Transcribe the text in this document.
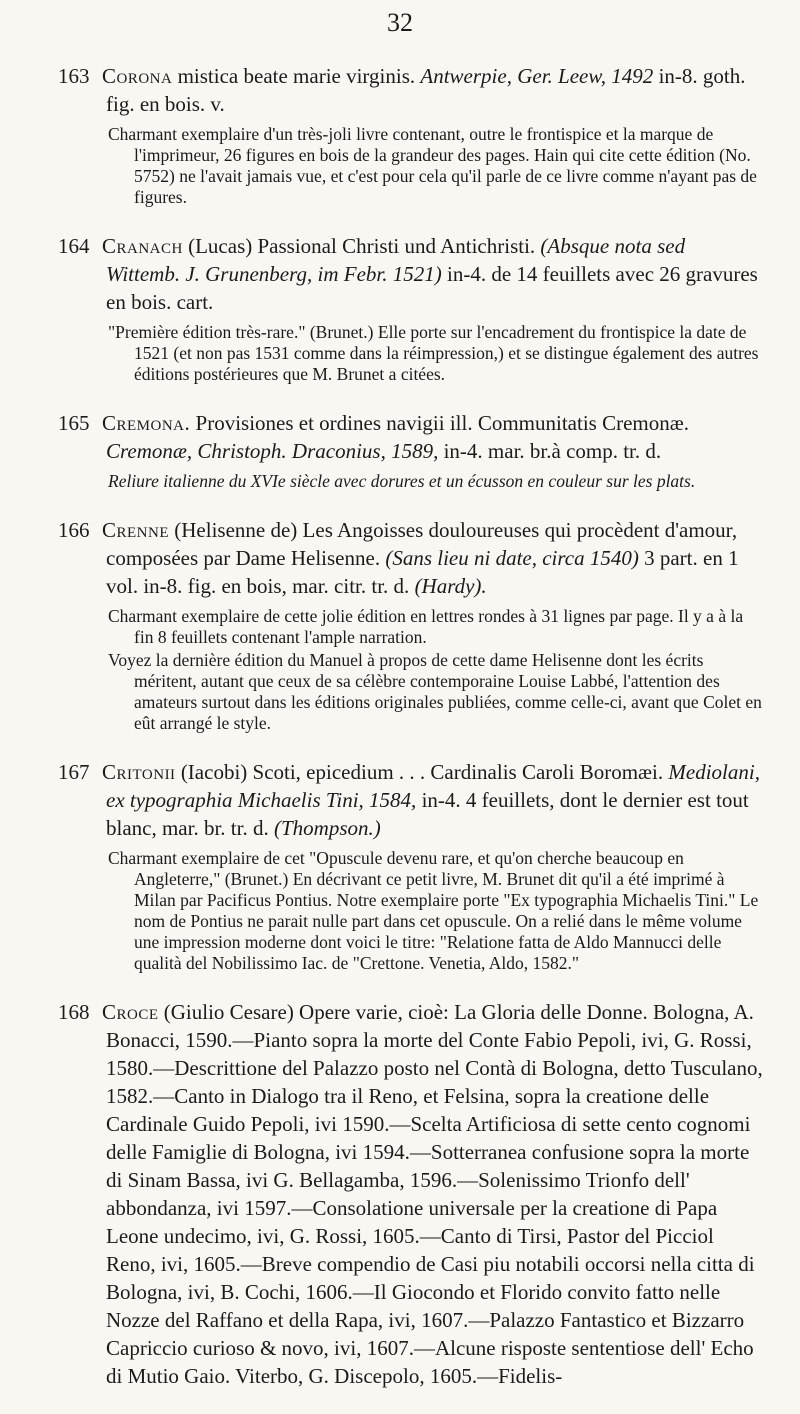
32
163 Corona mistica beate marie virginis. Antwerpie, Ger. Leew, 1492 in-8. goth. fig. en bois. v.

Charmant exemplaire d'un très-joli livre contenant, outre le frontispice et la marque de l'imprimeur, 26 figures en bois de la grandeur des pages. Hain qui cite cette édition (No. 5752) ne l'avait jamais vue, et c'est pour cela qu'il parle de ce livre comme n'ayant pas de figures.

164 Cranach (Lucas) Passional Christi und Antichristi. (Absque nota sed Wittemb. J. Grunenberg, im Febr. 1521) in-4. de 14 feuillets avec 26 gravures en bois. cart.

"Première édition très-rare." (Brunet.) Elle porte sur l'encadrement du frontispice la date de 1521 (et non pas 1531 comme dans la réimpression,) et se distingue également des autres éditions postérieures que M. Brunet a citées.

165 Cremona. Provisiones et ordines navigii ill. Communitatis Cremonæ. Cremonæ, Christoph. Draconius, 1589, in-4. mar. br.à comp. tr. d.

Reliure italienne du XVIe siècle avec dorures et un écusson en couleur sur les plats.

166 Crenne (Helisenne de) Les Angoisses douloureuses qui procèdent d'amour, composées par Dame Helisenne. (Sans lieu ni date, circa 1540) 3 part. en 1 vol. in-8. fig. en bois, mar. citr. tr. d. (Hardy).

Charmant exemplaire de cette jolie édition en lettres rondes à 31 lignes par page. Il y a à la fin 8 feuillets contenant l'ample narration.

Voyez la dernière édition du Manuel à propos de cette dame Helisenne dont les écrits méritent, autant que ceux de sa célèbre contemporaine Louise Labbé, l'attention des amateurs surtout dans les éditions originales publiées, comme celle-ci, avant que Colet en eût arrangé le style.

167 Critonii (Iacobi) Scoti, epicedium . . . Cardinalis Caroli Boromæi. Mediolani, ex typographia Michaelis Tini, 1584, in-4. 4 feuillets, dont le dernier est tout blanc, mar. br. tr. d. (Thompson.)

Charmant exemplaire de cet "Opuscule devenu rare, et qu'on cherche beaucoup en Angleterre," (Brunet.) En décrivant ce petit livre, M. Brunet dit qu'il a été imprimé à Milan par Pacificus Pontius. Notre exemplaire porte "Ex typographia Michaelis Tini." Le nom de Pontius ne parait nulle part dans cet opuscule. On a relié dans le même volume une impression moderne dont voici le titre: "Relatione fatta de Aldo Mannucci delle qualità del Nobilissimo Iac. de "Crettone. Venetia, Aldo, 1582."

168 Croce (Giulio Cesare) Opere varie, cioè: La Gloria delle Donne. Bologna, A. Bonacci, 1590.—Pianto sopra la morte del Conte Fabio Pepoli, ivi, G. Rossi, 1580.—Descrittione del Palazzo posto nel Contà di Bologna, detto Tusculano, 1582.—Canto in Dialogo tra il Reno, et Felsina, sopra la creatione delle Cardinale Guido Pepoli, ivi 1590.—Scelta Artificiosa di sette cento cognomi delle Famiglie di Bologna, ivi 1594.—Sotterranea confusione sopra la morte di Sinam Bassa, ivi G. Bellagamba, 1596.—Solenissimo Trionfo dell' abbondanza, ivi 1597.—Consolatione universale per la creatione di Papa Leone undecimo, ivi, G. Rossi, 1605.—Canto di Tirsi, Pastor del Picciol Reno, ivi, 1605.—Breve compendio de Casi piu notabili occorsi nella citta di Bologna, ivi, B. Cochi, 1606.—Il Giocondo et Florido convito fatto nelle Nozze del Raffano et della Rapa, ivi, 1607.—Palazzo Fantastico et Bizzarro Capriccio curioso & novo, ivi, 1607.—Alcune risposte sententiose dell' Echo di Mutio Gaio. Viterbo, G. Discepolo, 1605.—Fidelis-
